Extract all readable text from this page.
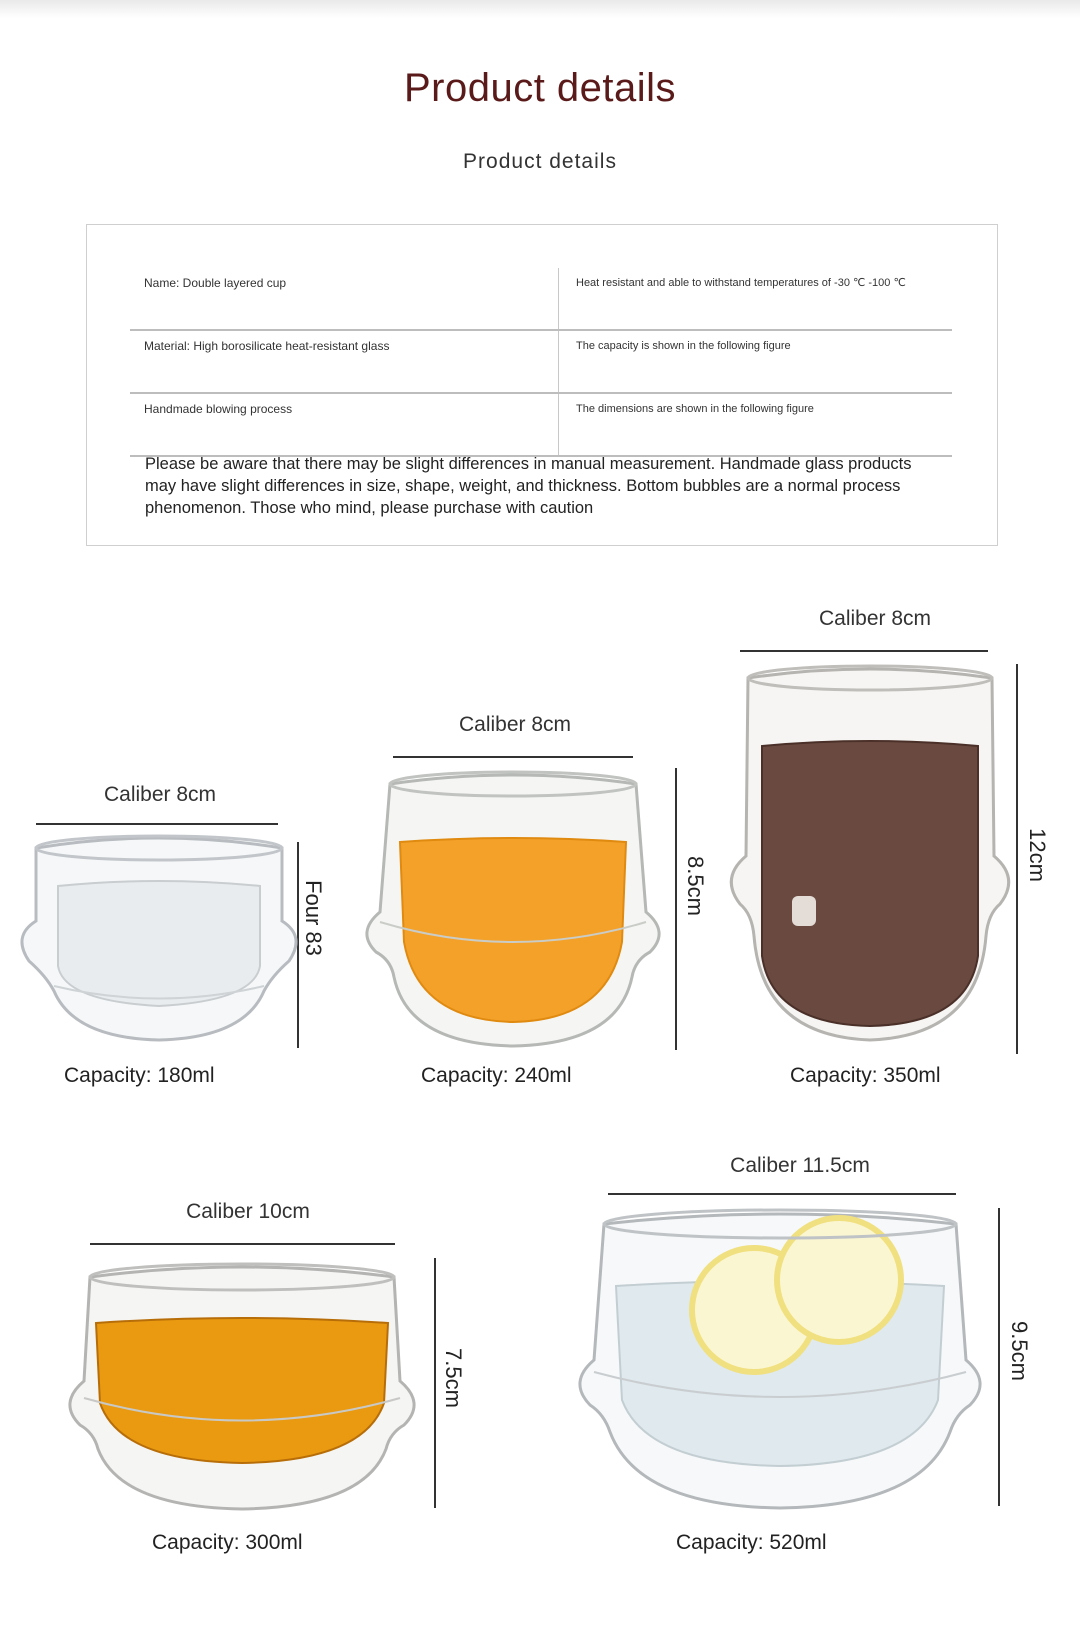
Product details
Product details
Name: Double layered cup	Heat resistant and able to withstand temperatures of -30 ℃ -100 ℃
Material: High borosilicate heat-resistant glass	The capacity is shown in the following figure
Handmade blowing process	The dimensions are shown in the following figure
Please be aware that there may be slight differences in manual measurement. Handmade glass products may have slight differences in size, shape, weight, and thickness. Bottom bubbles are a normal process phenomenon. Those who mind, please purchase with caution
Caliber 8cm
Four 83
Capacity: 180ml
Caliber 8cm
8.5cm
Capacity: 240ml
Caliber 8cm
12cm
Capacity: 350ml
Caliber 10cm
7.5cm
Capacity: 300ml
Caliber 11.5cm
9.5cm
Capacity: 520ml
